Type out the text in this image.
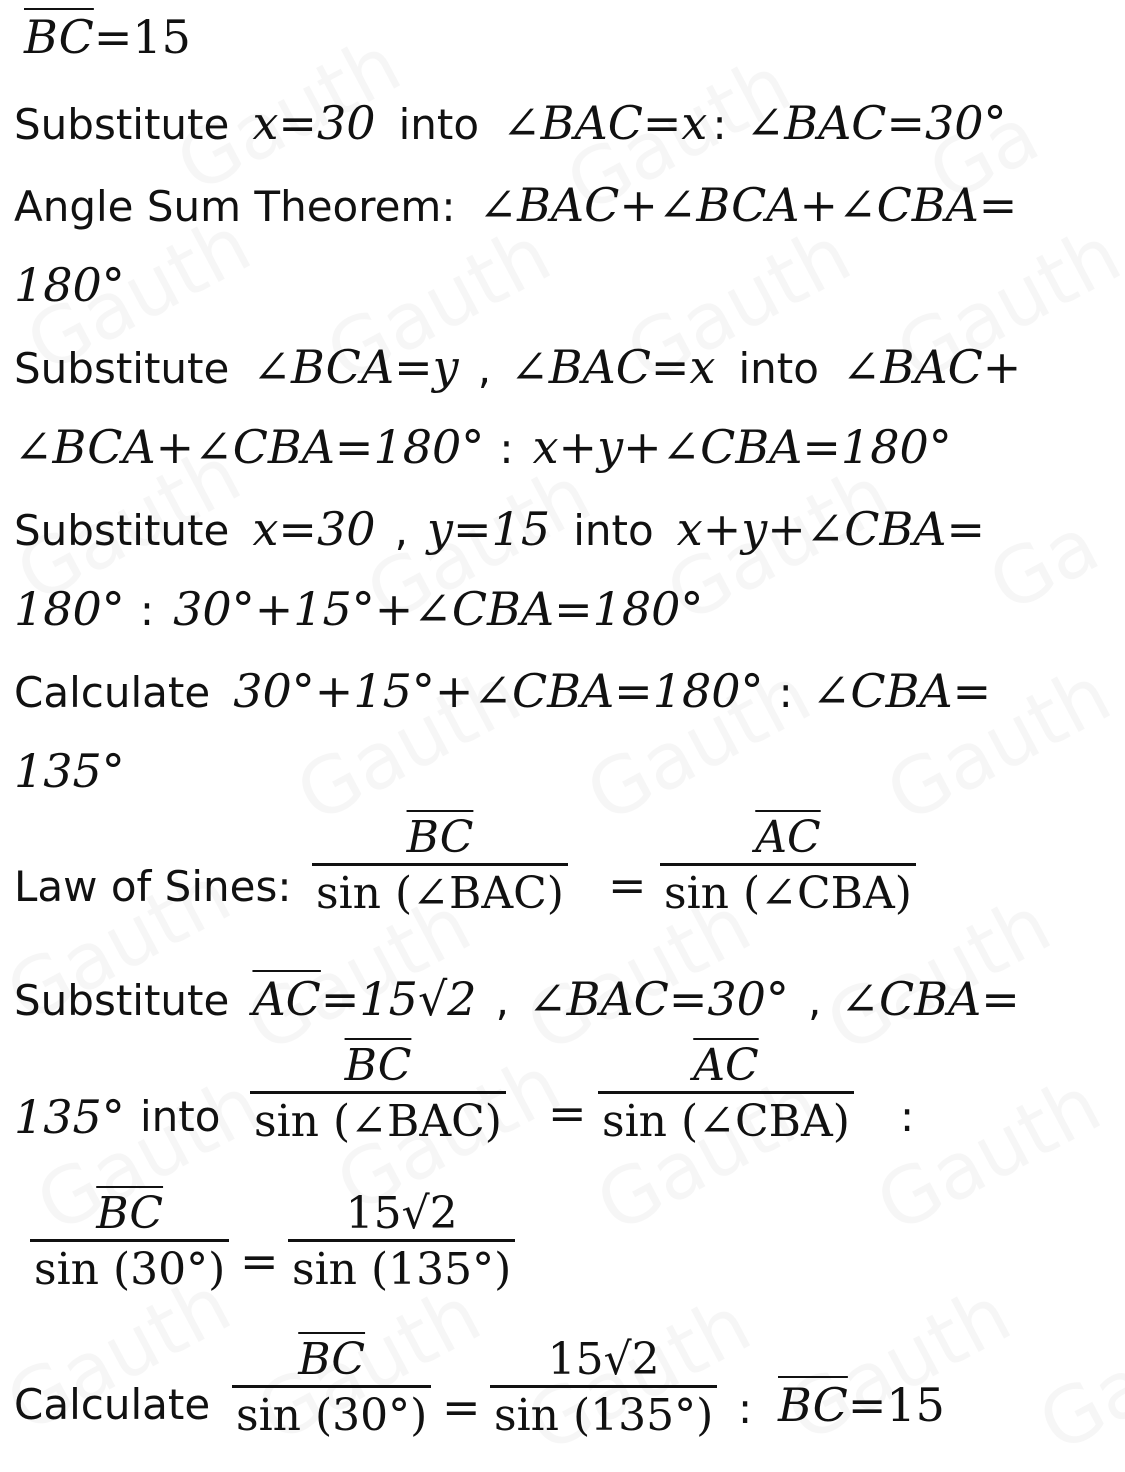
$\overline{BC}=15$
Substitute x=30 into ∠BAC=x : ∠BAC=30°
Angle Sum Theorem: ∠BAC+∠BCA+∠CBA=
180°
Substitute ∠BCA=y , ∠BAC=x into ∠BAC+
∠BCA+∠CBA=180° : x+y+∠CBA=180°
Substitute x=30 , y=15 into x+y+∠CBA=
180° : 30°+15°+∠CBA=180°
Calculate 30°+15°+∠CBA=180° : ∠CBA=
135°
Law of Sines:
$\overline{BC}$
sin (∠BAC) =
$\overline{AC}$
sin (∠CBA)
Substitute $\overline{AC}=15√2$ , ∠BAC=30° , ∠CBA=
135° into
$\overline{BC}$
sin (∠BAC) =
$\overline{AC}$
sin (∠CBA) :
$\frac{\overline{BC}}{\sin (30^\circ)} = \frac{15√2}{\sin (135^\circ)}$
Calculate $\frac{\overline{BC}}{\sin (30^\circ)} = \frac{15√2}{\sin (135^\circ)}$ : $\overline{BC}=15$
